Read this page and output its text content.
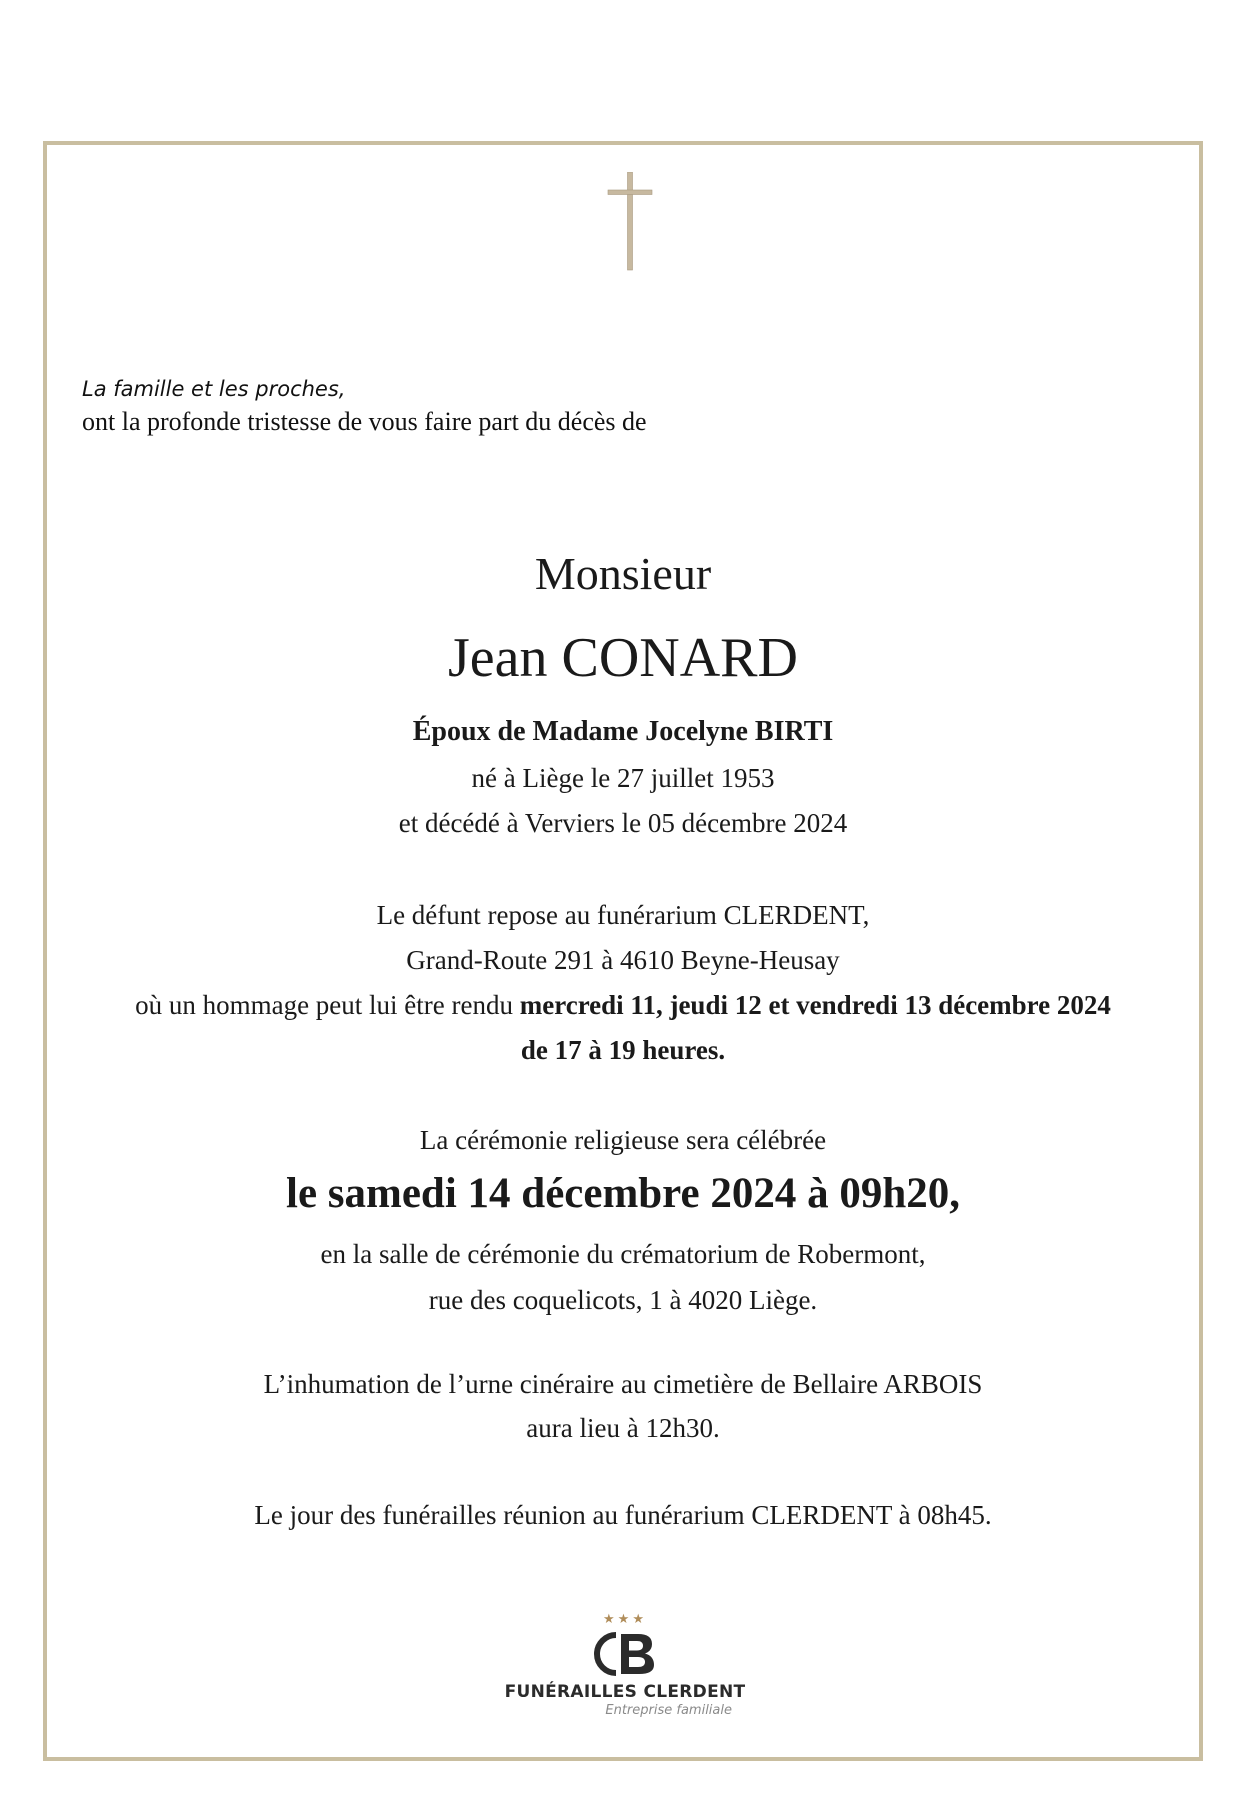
La famille et les proches,
ont la profonde tristesse de vous faire part du décès de
Monsieur
Jean CONARD
Époux de Madame Jocelyne BIRTI
né à Liège le 27 juillet 1953
et décédé à Verviers le 05 décembre 2024
Le défunt repose au funérarium CLERDENT,
Grand-Route 291 à 4610 Beyne-Heusay
où un hommage peut lui être rendu mercredi 11, jeudi 12 et vendredi 13 décembre 2024
de 17 à 19 heures.
La cérémonie religieuse sera célébrée
le samedi 14 décembre 2024 à 09h20,
en la salle de cérémonie du crématorium de Robermont,
rue des coquelicots, 1 à 4020 Liège.
L’inhumation de l’urne cinéraire au cimetière de Bellaire ARBOIS
aura lieu à 12h30.
Le jour des funérailles réunion au funérarium CLERDENT à 08h45.
★★★
FUNÉRAILLES CLERDENT
Entreprise familiale
